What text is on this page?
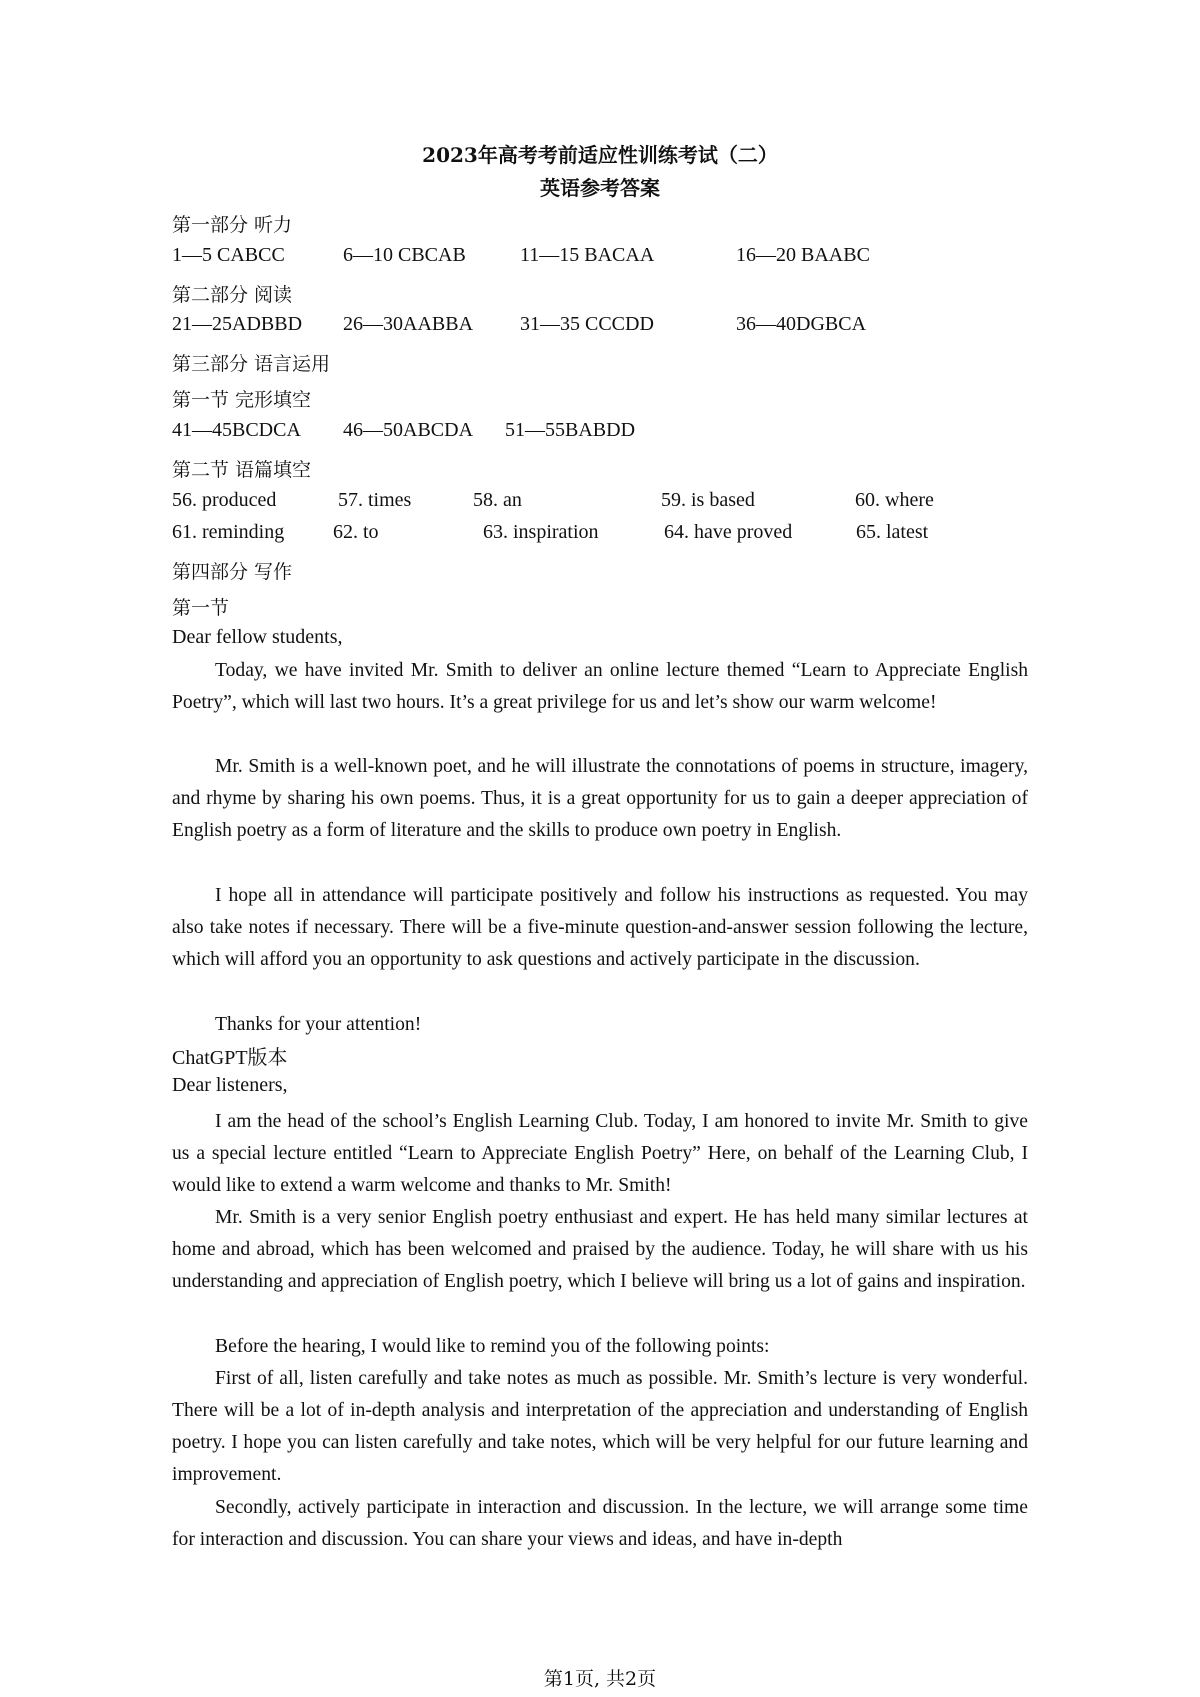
2023年高考考前适应性训练考试（二）
英语参考答案
第一部分 听力
1—5 CABCC	6—10 CBCAB	11—15 BACAA	16—20 BAABC
第二部分 阅读
21—25ADBBD 26—30AABBA 31—35 CCCDD	36—40DGBCA
第三部分 语言运用
第一节 完形填空
41—45BCDCA 46—50ABCDA 51—55BABDD
第二节 语篇填空
56. produced	57. times	58. an	59. is based	60. where
61. reminding 62. to	63. inspiration	64. have proved	65. latest
第四部分 写作
第一节
Dear fellow students,

Today, we have invited Mr. Smith to deliver an online lecture themed “Learn to Appreciate English Poetry”, which will last two hours. It’s a great privilege for us and let’s show our warm welcome!

Mr. Smith is a well-known poet, and he will illustrate the connotations of poems in structure, imagery, and rhyme by sharing his own poems. Thus, it is a great opportunity for us to gain a deeper appreciation of English poetry as a form of literature and the skills to produce own poetry in English.

I hope all in attendance will participate positively and follow his instructions as requested. You may also take notes if necessary. There will be a five-minute question-and-answer session following the lecture, which will afford you an opportunity to ask questions and actively participate in the discussion.

Thanks for your attention!

ChatGPT版本
Dear listeners,

I am the head of the school’s English Learning Club. Today, I am honored to invite Mr. Smith to give us a special lecture entitled “Learn to Appreciate English Poetry” Here, on behalf of the Learning Club, I would like to extend a warm welcome and thanks to Mr. Smith!

Mr. Smith is a very senior English poetry enthusiast and expert. He has held many similar lectures at home and abroad, which has been welcomed and praised by the audience. Today, he will share with us his understanding and appreciation of English poetry, which I believe will bring us a lot of gains and inspiration.

Before the hearing, I would like to remind you of the following points:

First of all, listen carefully and take notes as much as possible. Mr. Smith’s lecture is very wonderful. There will be a lot of in-depth analysis and interpretation of the appreciation and understanding of English poetry. I hope you can listen carefully and take notes, which will be very helpful for our future learning and improvement.

Secondly, actively participate in interaction and discussion. In the lecture, we will arrange some time for interaction and discussion. You can share your views and ideas, and have in-depth

第1页, 共2页
